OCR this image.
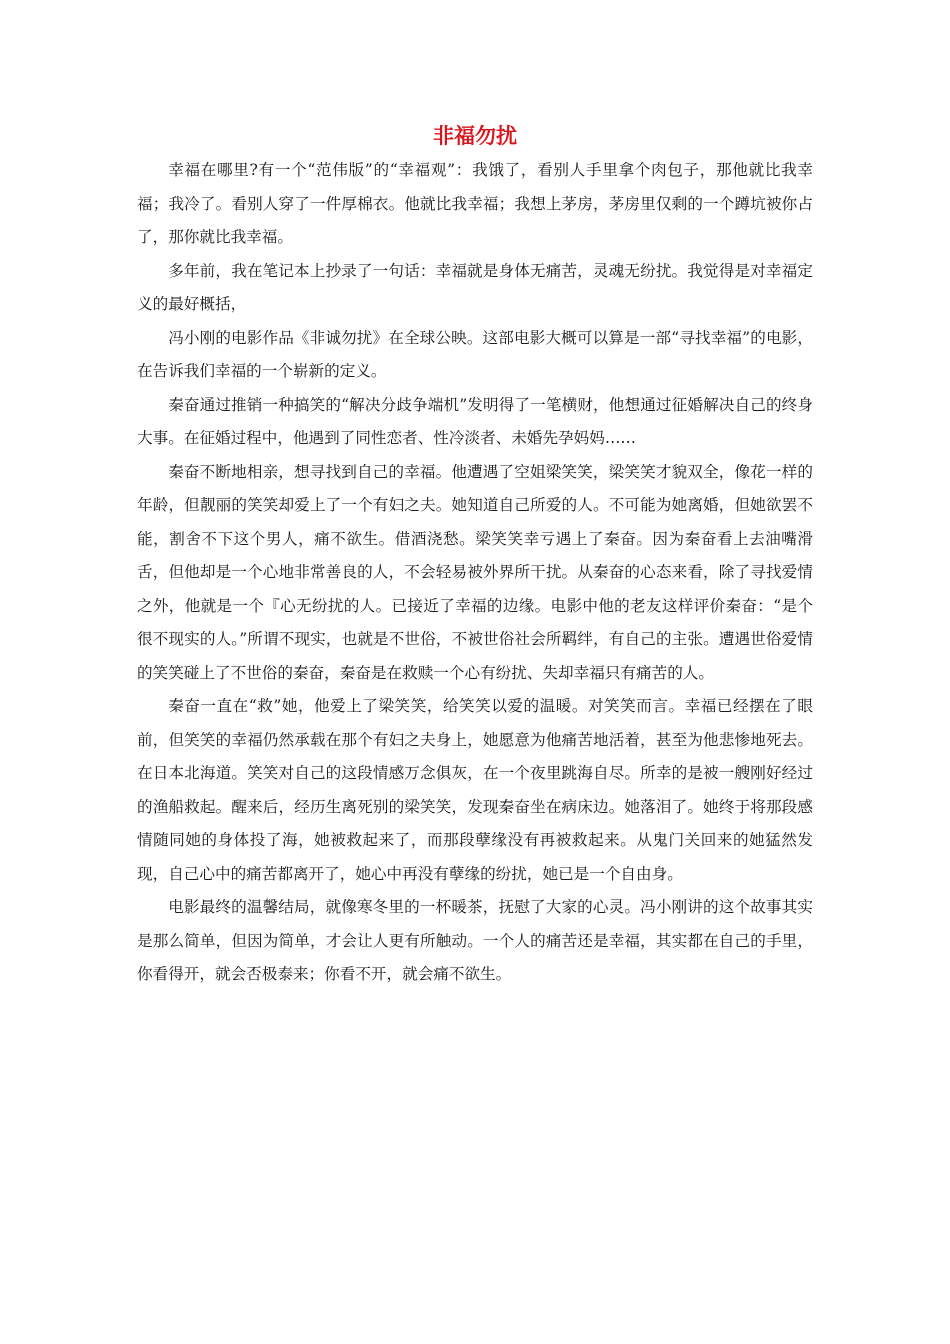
非福勿扰

幸福在哪里?有一个“范伟版”的“幸福观”：我饿了，看别人手里拿个肉包子，那他就比我幸福；我冷了。看别人穿了一件厚棉衣。他就比我幸福；我想上茅房，茅房里仅剩的一个蹲坑被你占了，那你就比我幸福。

多年前，我在笔记本上抄录了一句话：幸福就是身体无痛苦，灵魂无纷扰。我觉得是对幸福定义的最好概括，

冯小刚的电影作品《非诚勿扰》在全球公映。这部电影大概可以算是一部“寻找幸福”的电影，在告诉我们幸福的一个崭新的定义。

秦奋通过推销一种搞笑的“解决分歧争端机”发明得了一笔横财，他想通过征婚解决自己的终身大事。在征婚过程中，他遇到了同性恋者、性冷淡者、未婚先孕妈妈……

秦奋不断地相亲，想寻找到自己的幸福。他遭遇了空姐梁笑笑，梁笑笑才貌双全，像花一样的年龄，但靓丽的笑笑却爱上了一个有妇之夫。她知道自己所爱的人。不可能为她离婚，但她欲罢不能，割舍不下这个男人，痛不欲生。借酒浇愁。梁笑笑幸亏遇上了秦奋。因为秦奋看上去油嘴滑舌，但他却是一个心地非常善良的人，不会轻易被外界所干扰。从秦奋的心态来看，除了寻找爱情之外，他就是一个『心无纷扰的人。已接近了幸福的边缘。电影中他的老友这样评价秦奋：“是个很不现实的人。”所谓不现实，也就是不世俗，不被世俗社会所羁绊，有自己的主张。遭遇世俗爱情的笑笑碰上了不世俗的秦奋，秦奋是在救赎一个心有纷扰、失却幸福只有痛苦的人。

秦奋一直在“救”她，他爱上了梁笑笑，给笑笑以爱的温暖。对笑笑而言。幸福已经摆在了眼前，但笑笑的幸福仍然承载在那个有妇之夫身上，她愿意为他痛苦地活着，甚至为他悲惨地死去。在日本北海道。笑笑对自己的这段情感万念俱灰，在一个夜里跳海自尽。所幸的是被一艘刚好经过的渔船救起。醒来后，经历生离死别的梁笑笑，发现秦奋坐在病床边。她落泪了。她终于将那段感情随同她的身体投了海，她被救起来了，而那段孽缘没有再被救起来。从鬼门关回来的她猛然发现，自己心中的痛苦都离开了，她心中再没有孽缘的纷扰，她已是一个自由身。

电影最终的温馨结局，就像寒冬里的一杯暖茶，抚慰了大家的心灵。冯小刚讲的这个故事其实是那么简单，但因为简单，才会让人更有所触动。一个人的痛苦还是幸福，其实都在自己的手里，你看得开，就会否极泰来；你看不开，就会痛不欲生。
